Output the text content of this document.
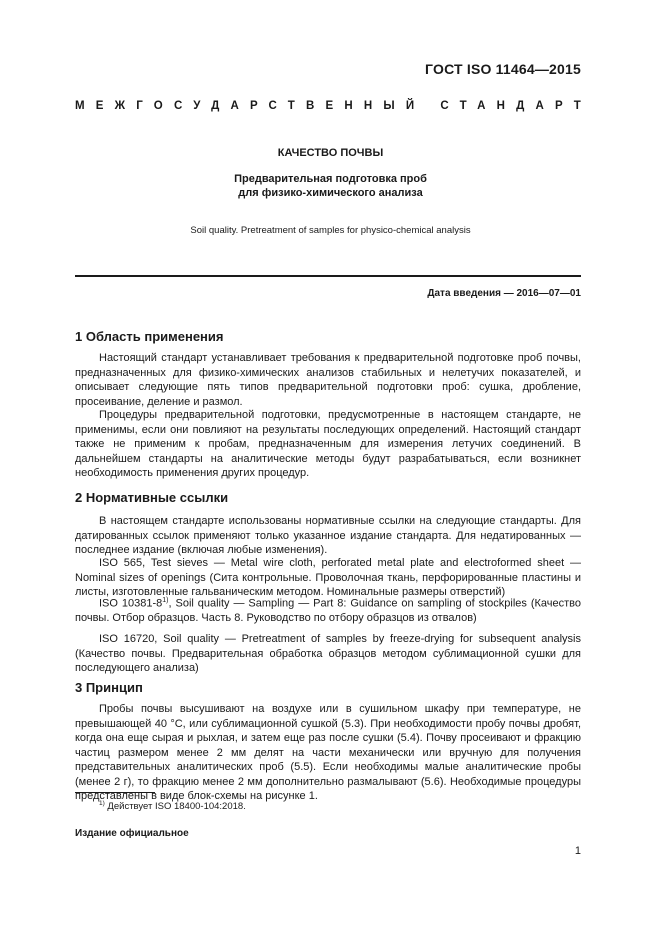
ГОСТ ISO 11464—2015
МЕЖГОСУДАРСТВЕННЫЙ СТАНДАРТ
КАЧЕСТВО ПОЧВЫ
Предварительная подготовка проб
для физико-химического анализа
Soil quality. Pretreatment of samples for physico-chemical analysis
Дата введения — 2016—07—01
1 Область применения

Настоящий стандарт устанавливает требования к предварительной подготовке проб почвы, предназначенных для физико-химических анализов стабильных и нелетучих показателей, и описывает следующие пять типов предварительной подготовки проб: сушка, дробление, просеивание, деление и размол.

Процедуры предварительной подготовки, предусмотренные в настоящем стандарте, не применимы, если они повлияют на результаты последующих определений. Настоящий стандарт также не применим к пробам, предназначенным для измерения летучих соединений. В дальнейшем стандарты на аналитические методы будут разрабатываться, если возникнет необходимость применения других процедур.

2 Нормативные ссылки

В настоящем стандарте использованы нормативные ссылки на следующие стандарты. Для датированных ссылок применяют только указанное издание стандарта. Для недатированных — последнее издание (включая любые изменения).

ISO 565, Test sieves — Metal wire cloth, perforated metal plate and electroformed sheet — Nominal sizes of openings (Сита контрольные. Проволочная ткань, перфорированные пластины и листы, изготовленные гальваническим методом. Номинальные размеры отверстий)

ISO 10381-8$^{1)}$, Soil quality — Sampling — Part 8: Guidance on sampling of stockpiles (Качество почвы. Отбор образцов. Часть 8. Руководство по отбору образцов из отвалов)

ISO 16720, Soil quality — Pretreatment of samples by freeze-drying for subsequent analysis (Качество почвы. Предварительная обработка образцов методом сублимационной сушки для последующего анализа)

3 Принцип

Пробы почвы высушивают на воздухе или в сушильном шкафу при температуре, не превышающей 40 °C, или сублимационной сушкой (5.3). При необходимости пробу почвы дробят, когда она еще сырая и рыхлая, и затем еще раз после сушки (5.4). Почву просеивают и фракцию частиц размером менее 2 мм делят на части механически или вручную для получения представительных аналитических проб (5.5). Если необходимы малые аналитические пробы (менее 2 г), то фракцию менее 2 мм дополнительно размалывают (5.6). Необходимые процедуры представлены в виде блок-схемы на рисунке 1.

$^{1)}$ Действует ISO 18400-104:2018.

Издание официальное
1
